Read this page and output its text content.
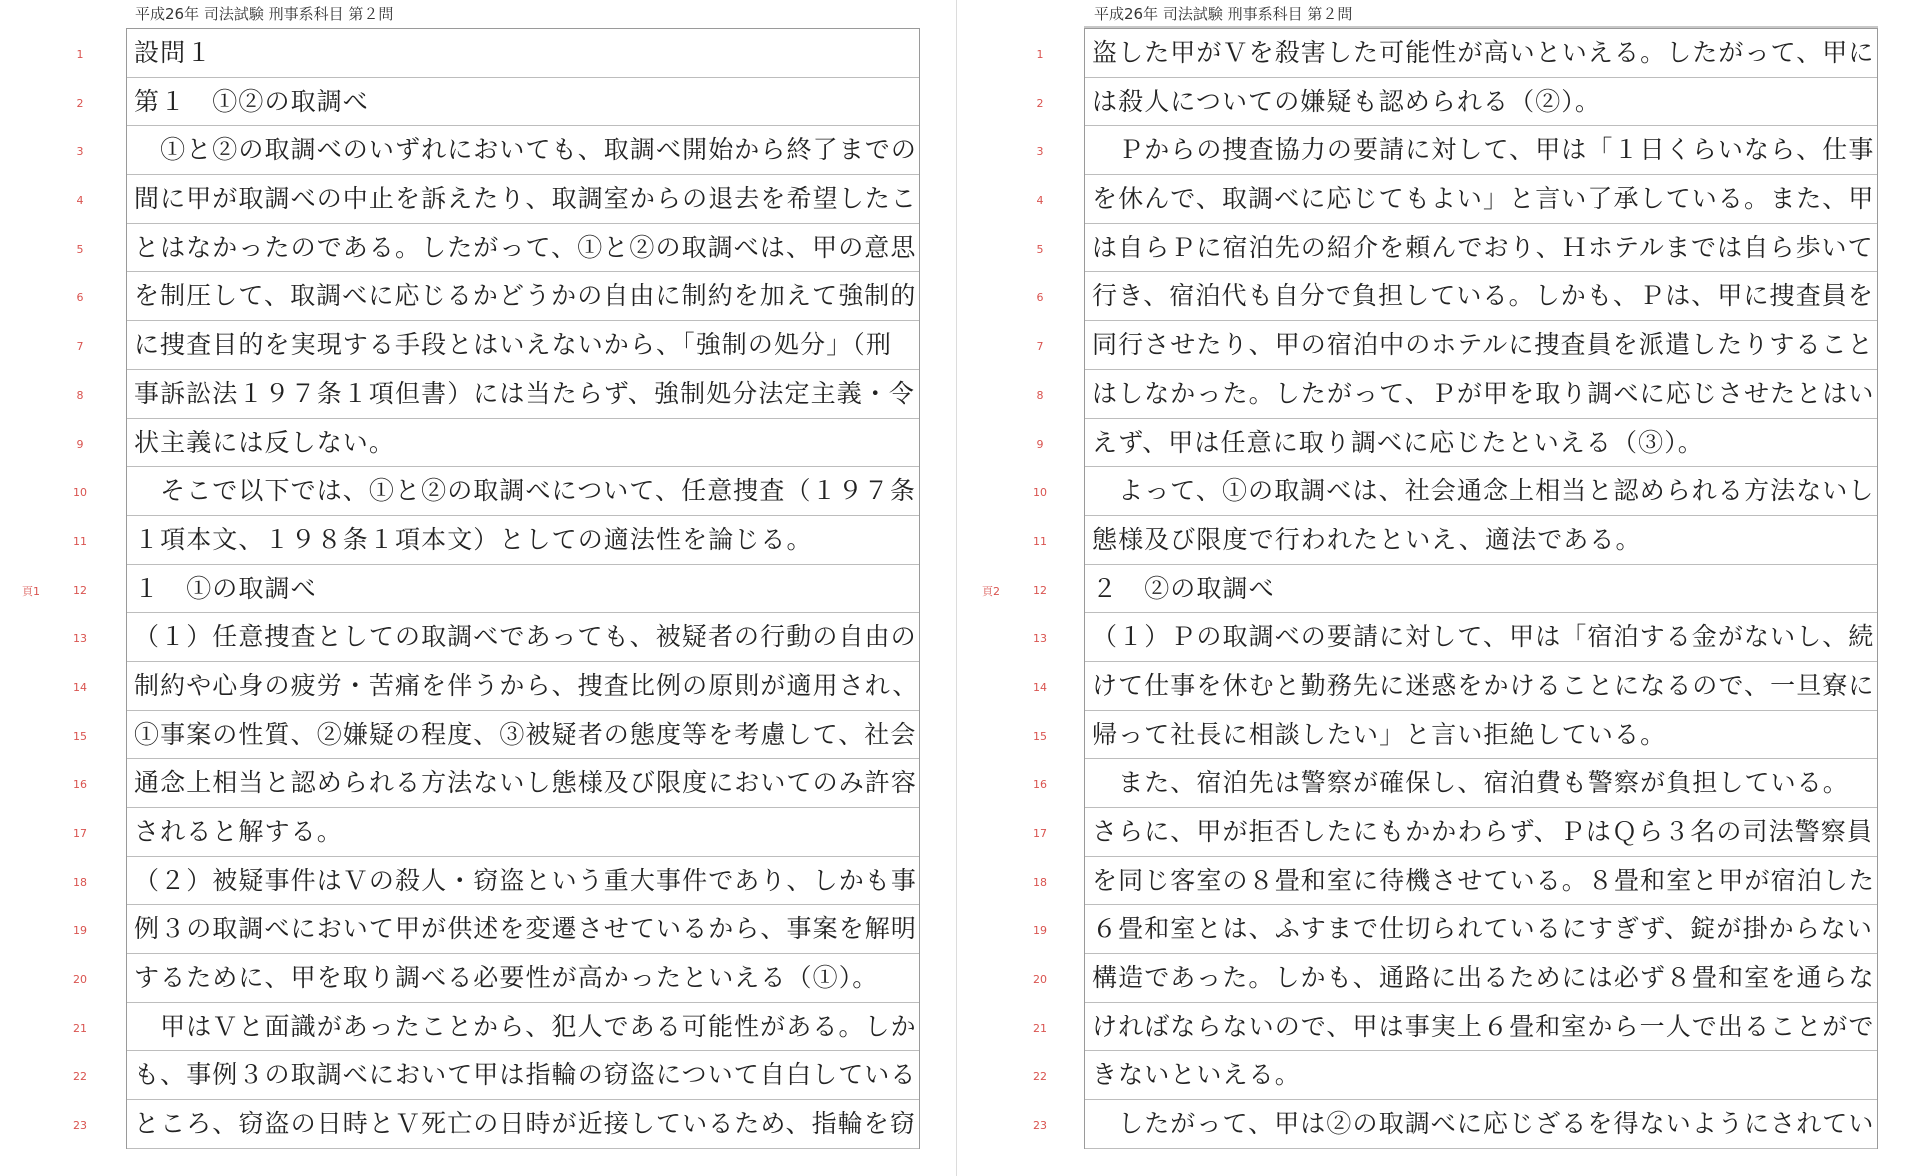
平成26年 司法試験 刑事系科目 第２問
1
2
3
4
5
6
7
8
9
10
11
12
13
14
15
16
17
18
19
20
21
22
23
頁1
設問１
第１　①②の取調べ
　①と②の取調べのいずれにおいても、取調べ開始から終了までの
間に甲が取調べの中止を訴えたり、取調室からの退去を希望したこ
とはなかったのである。したがって、①と②の取調べは、甲の意思
を制圧して、取調べに応じるかどうかの自由に制約を加えて強制的
に捜査目的を実現する手段とはいえないから、「強制の処分」（刑
事訴訟法１９７条１項但書）には当たらず、強制処分法定主義・令
状主義には反しない。
　そこで以下では、①と②の取調べについて、任意捜査（１９７条
１項本文、１９８条１項本文）としての適法性を論じる。
１　①の取調べ
（１）任意捜査としての取調べであっても、被疑者の行動の自由の
制約や心身の疲労・苦痛を伴うから、捜査比例の原則が適用され、
①事案の性質、②嫌疑の程度、③被疑者の態度等を考慮して、社会
通念上相当と認められる方法ないし態様及び限度においてのみ許容
されると解する。
（２）被疑事件はＶの殺人・窃盗という重大事件であり、しかも事
例３の取調べにおいて甲が供述を変遷させているから、事案を解明
するために、甲を取り調べる必要性が高かったといえる（①）。
　甲はＶと面識があったことから、犯人である可能性がある。しか
も、事例３の取調べにおいて甲は指輪の窃盗について自白している
ところ、窃盗の日時とＶ死亡の日時が近接しているため、指輪を窃
平成26年 司法試験 刑事系科目 第２問
1
2
3
4
5
6
7
8
9
10
11
12
13
14
15
16
17
18
19
20
21
22
23
頁2
盗した甲がＶを殺害した可能性が高いといえる。したがって、甲に
は殺人についての嫌疑も認められる（②）。
　Ｐからの捜査協力の要請に対して、甲は「１日くらいなら、仕事
を休んで、取調べに応じてもよい」と言い了承している。また、甲
は自らＰに宿泊先の紹介を頼んでおり、Ｈホテルまでは自ら歩いて
行き、宿泊代も自分で負担している。しかも、Ｐは、甲に捜査員を
同行させたり、甲の宿泊中のホテルに捜査員を派遣したりすること
はしなかった。したがって、Ｐが甲を取り調べに応じさせたとはい
えず、甲は任意に取り調べに応じたといえる（③）。
　よって、①の取調べは、社会通念上相当と認められる方法ないし
態様及び限度で行われたといえ、適法である。
２　②の取調べ
（１）Ｐの取調べの要請に対して、甲は「宿泊する金がないし、続
けて仕事を休むと勤務先に迷惑をかけることになるので、一旦寮に
帰って社長に相談したい」と言い拒絶している。
　また、宿泊先は警察が確保し、宿泊費も警察が負担している。
さらに、甲が拒否したにもかかわらず、ＰはＱら３名の司法警察員
を同じ客室の８畳和室に待機させている。８畳和室と甲が宿泊した
６畳和室とは、ふすまで仕切られているにすぎず、錠が掛からない
構造であった。しかも、通路に出るためには必ず８畳和室を通らな
ければならないので、甲は事実上６畳和室から一人で出ることがで
きないといえる。
　したがって、甲は②の取調べに応じざるを得ないようにされてい
